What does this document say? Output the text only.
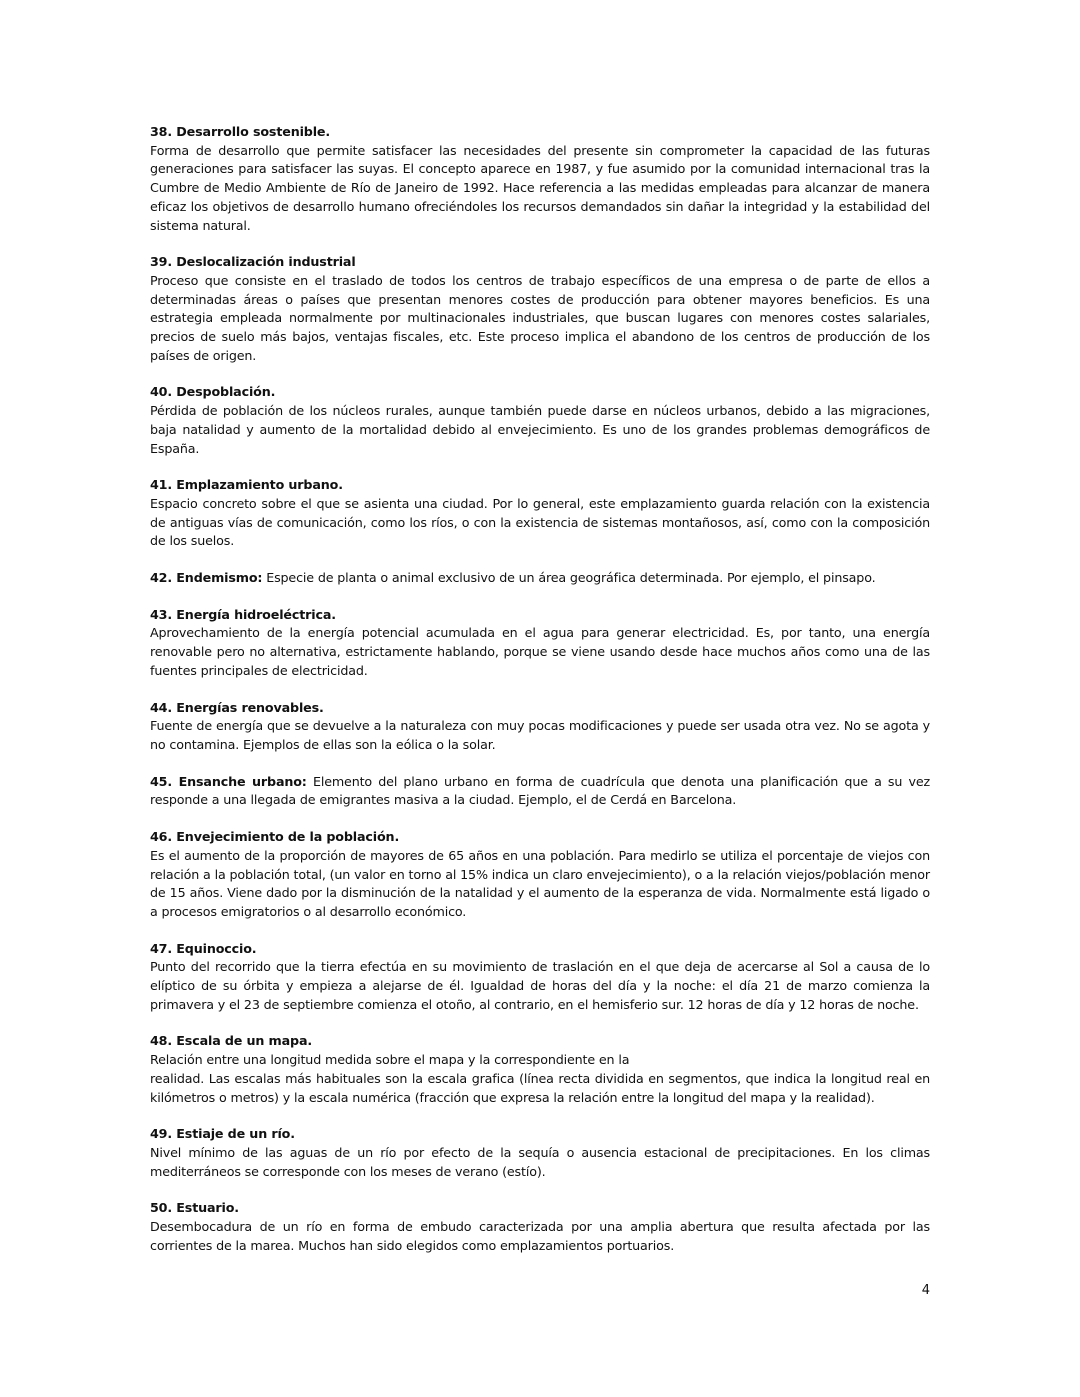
38. Desarrollo sostenible.
Forma de desarrollo que permite satisfacer las necesidades del presente sin comprometer la capacidad de las futuras generaciones para satisfacer las suyas. El concepto aparece en 1987, y fue asumido por la comunidad internacional tras la Cumbre de Medio Ambiente de Río de Janeiro de 1992. Hace referencia a las medidas empleadas para alcanzar de manera eficaz los objetivos de desarrollo humano ofreciéndoles los recursos demandados sin dañar la integridad y la estabilidad del sistema natural.
39. Deslocalización industrial
Proceso que consiste en el traslado de todos los centros de trabajo específicos de una empresa o de parte de ellos a determinadas áreas o países que presentan menores costes de producción para obtener mayores beneficios. Es una estrategia empleada normalmente por multinacionales industriales, que buscan lugares con menores costes salariales, precios de suelo más bajos, ventajas fiscales, etc. Este proceso implica el abandono de los centros de producción de los países de origen.
40. Despoblación.
Pérdida de población de los núcleos rurales, aunque también puede darse en núcleos urbanos, debido a las migraciones, baja natalidad y aumento de la mortalidad debido al envejecimiento. Es uno de los grandes problemas demográficos de España.
41. Emplazamiento urbano.
Espacio concreto sobre el que se asienta una ciudad. Por lo general, este emplazamiento guarda relación con la existencia de antiguas vías de comunicación, como los ríos, o con la existencia de sistemas montañosos, así, como con la composición de los suelos.
42. Endemismo: Especie de planta o animal exclusivo de un área geográfica determinada. Por ejemplo, el pinsapo.
43. Energía hidroeléctrica.
Aprovechamiento de la energía potencial acumulada en el agua para generar electricidad. Es, por tanto, una energía renovable pero no alternativa, estrictamente hablando, porque se viene usando desde hace muchos años como una de las fuentes principales de electricidad.
44. Energías renovables.
Fuente de energía que se devuelve a la naturaleza con muy pocas modificaciones y puede ser usada otra vez. No se agota y no contamina. Ejemplos de ellas son la eólica o la solar.
45. Ensanche urbano: Elemento del plano urbano en forma de cuadrícula que denota una planificación que a su vez responde a una llegada de emigrantes masiva a la ciudad. Ejemplo, el de Cerdá en Barcelona.
46. Envejecimiento de la población.
Es el aumento de la proporción de mayores de 65 años en una población. Para medirlo se utiliza el porcentaje de viejos con relación a la población total, (un valor en torno al 15% indica un claro envejecimiento), o a la relación viejos/población menor de 15 años. Viene dado por la disminución de la natalidad y el aumento de la esperanza de vida. Normalmente está ligado o a procesos emigratorios o al desarrollo económico.
47. Equinoccio.
Punto del recorrido que la tierra efectúa en su movimiento de traslación en el que deja de acercarse al Sol a causa de lo elíptico de su órbita y empieza a alejarse de él. Igualdad de horas del día y la noche: el día 21 de marzo comienza la primavera y el 23 de septiembre comienza el otoño, al contrario, en el hemisferio sur. 12 horas de día y 12 horas de noche.
48. Escala de un mapa.
Relación entre una longitud medida sobre el mapa y la correspondiente en la
realidad. Las escalas más habituales son la escala grafica (línea recta dividida en segmentos, que indica la longitud real en kilómetros o metros) y la escala numérica (fracción que expresa la relación entre la longitud del mapa y la realidad).
49. Estiaje de un río.
Nivel mínimo de las aguas de un río por efecto de la sequía o ausencia estacional de precipitaciones. En los climas mediterráneos se corresponde con los meses de verano (estío).
50. Estuario.
Desembocadura de un río en forma de embudo caracterizada por una amplia abertura que resulta afectada por las corrientes de la marea. Muchos han sido elegidos como emplazamientos portuarios.
4
